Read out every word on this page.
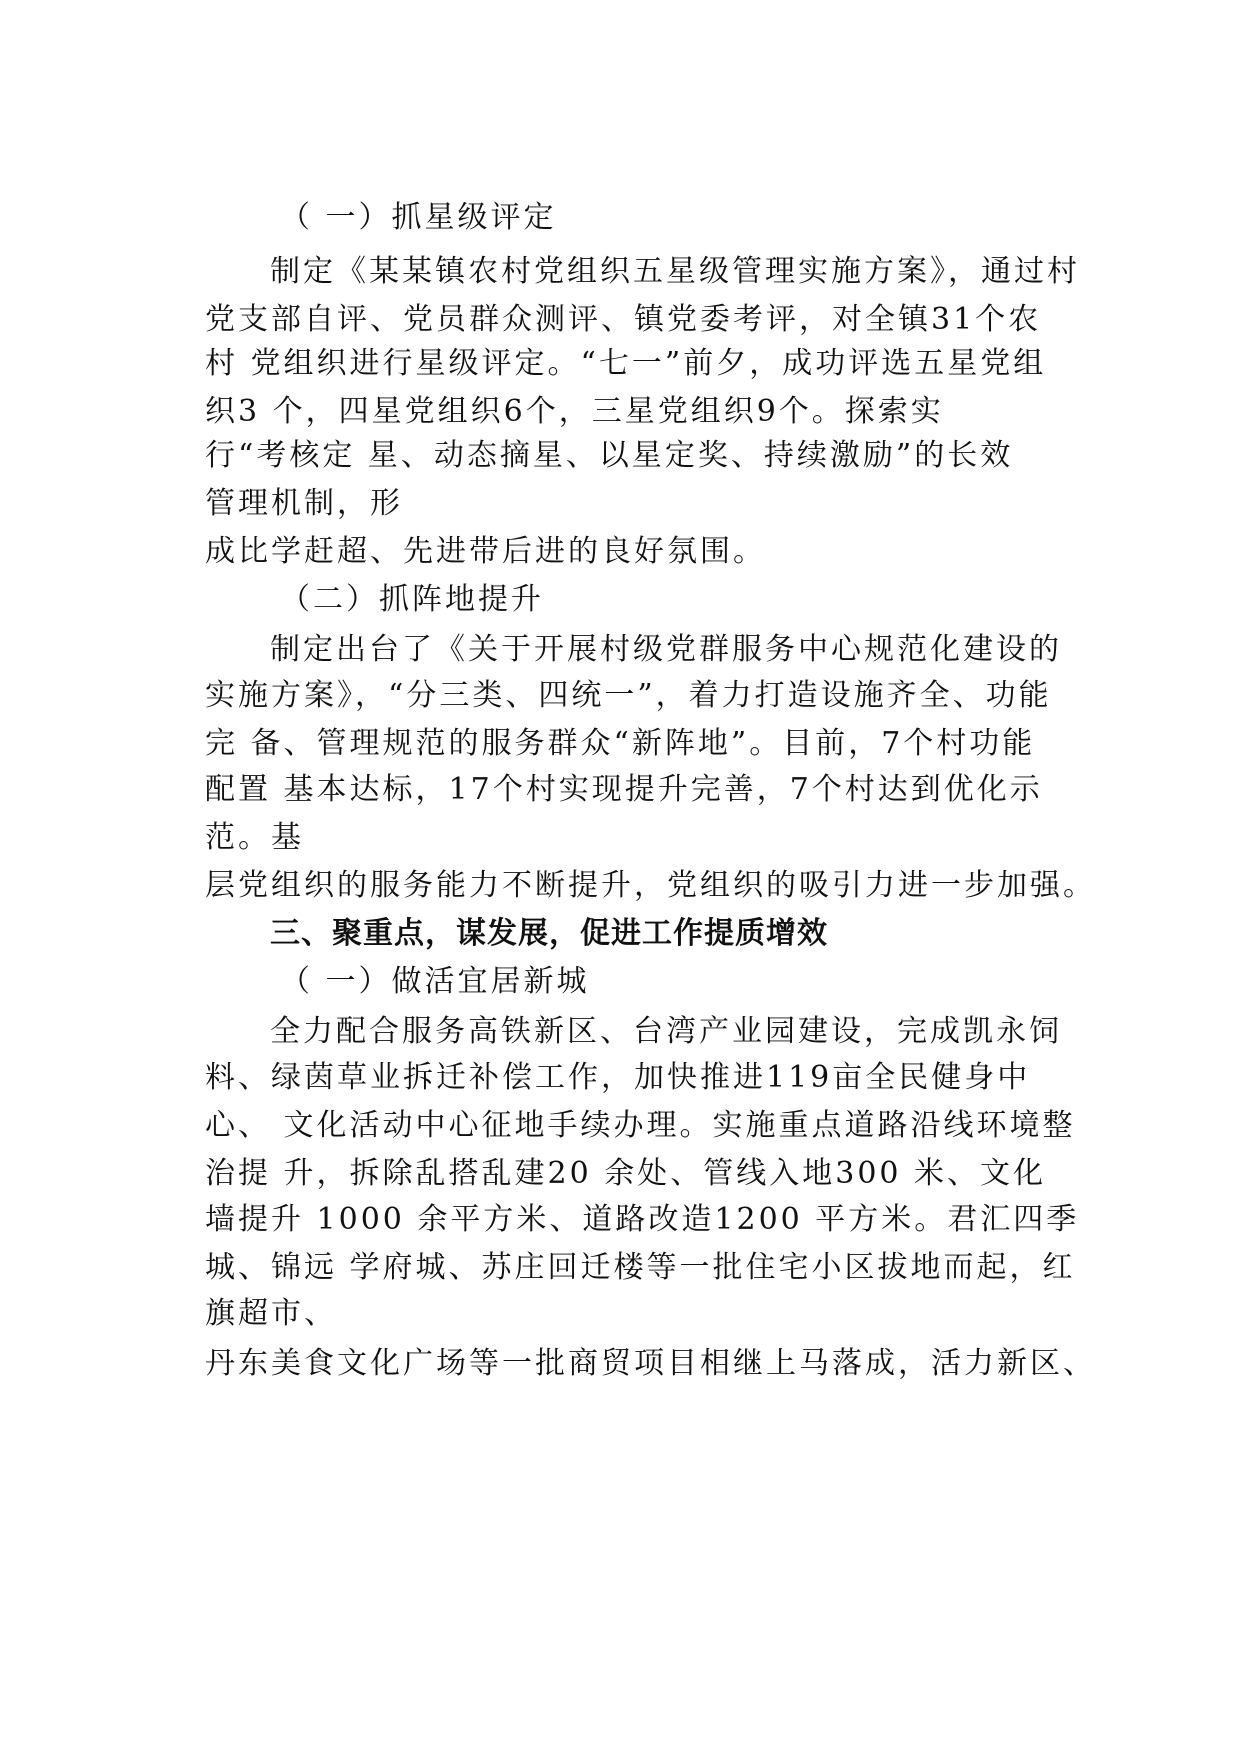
（ 一）抓星级评定
制定《某某镇农村党组织五星级管理实施方案》，通过村
党支部自评、党员群众测评、镇党委考评，对全镇31个农
村 党组织进行星级评定。“七一”前夕，成功评选五星党组
织3 个，四星党组织6个，三星党组织9个。探索实
行“考核定 星、动态摘星、以星定奖、持续激励”的长效
管理机制，形
成比学赶超、先进带后进的良好氛围。
（二）抓阵地提升
制定出台了《关于开展村级党群服务中心规范化建设的
实施方案》，“分三类、四统一”，着力打造设施齐全、功能
完 备、管理规范的服务群众“新阵地”。目前，7个村功能
配置 基本达标，17个村实现提升完善，7个村达到优化示
范。基
层党组织的服务能力不断提升，党组织的吸引力进一步加强。
三、聚重点，谋发展，促进工作提质增效
（ 一）做活宜居新城
全力配合服务高铁新区、台湾产业园建设，完成凯永饲
料、绿茵草业拆迁补偿工作，加快推进119亩全民健身中
心、 文化活动中心征地手续办理。实施重点道路沿线环境整
治提 升，拆除乱搭乱建20 余处、管线入地300 米、文化
墙提升 1000 余平方米、道路改造1200 平方米。君汇四季
城、锦远 学府城、苏庄回迁楼等一批住宅小区拔地而起，红
旗超市、
丹东美食文化广场等一批商贸项目相继上马落成，活力新区、
